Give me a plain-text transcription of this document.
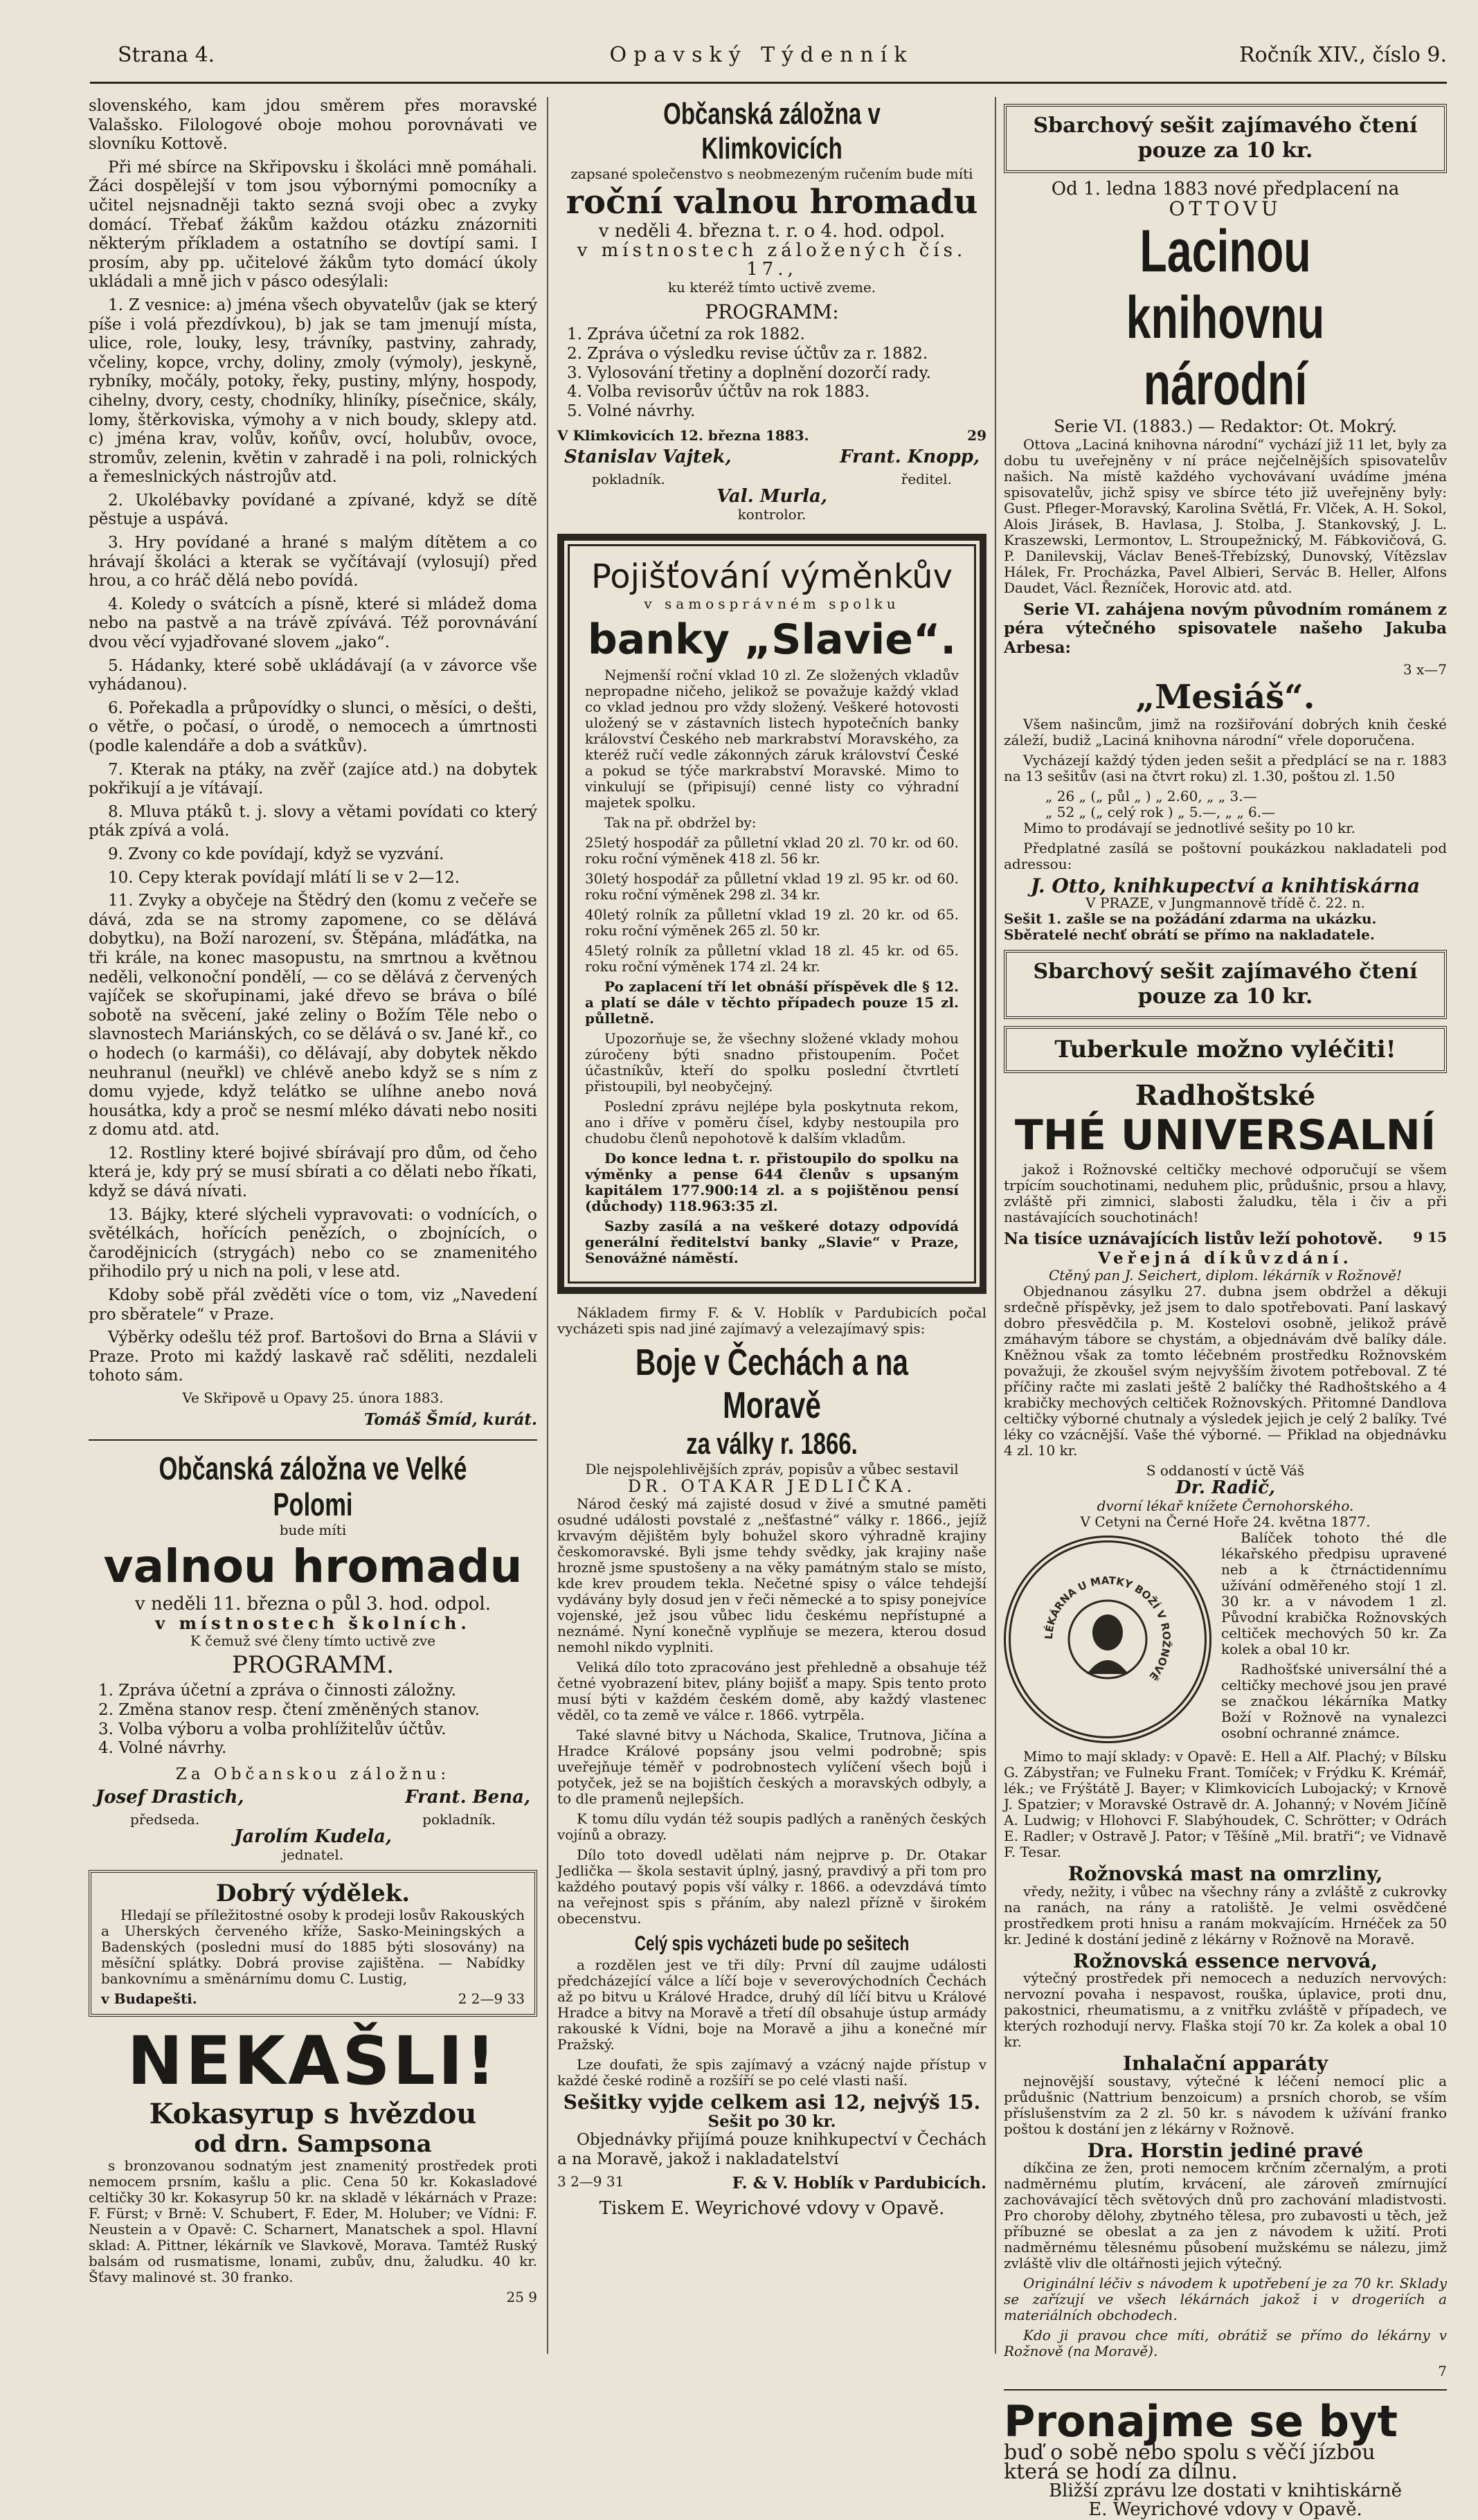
Strana 4.	Opavský Týdenník	Ročník XIV., číslo 9.

slovenského, kam jdou směrem přes moravské Valašsko. Filologové oboje mohou porovnávati ve slovníku Kottově.

Při mé sbírce na Skřipovsku i školáci mně pomáhali. Žáci dospělejší v tom jsou výbornými pomocníky a učitel nejsnadněji takto sezná svoji obec a zvyky domácí. Třebať žákům každou otázku znázorniti některým příkladem a ostatního se dovtípí sami. I prosím, aby pp. učitelové žákům tyto domácí úkoly ukládali a mně jich v pásco odesýlali:

1. Z vesnice: a) jména všech obyvatelův (jak se který píše i volá přezdívkou), b) jak se tam jmenují místa, ulice, role, louky, lesy, trávníky, pastviny, zahrady, včeliny, kopce, vrchy, doliny, zmoly (výmoly), jeskyně, rybníky, močály, potoky, řeky, pustiny, mlýny, hospody, cihelny, dvory, cesty, chodníky, hliníky, písečnice, skály, lomy, štěrkoviska, výmohy a v nich boudy, sklepy atd. c) jména krav, volův, koňův, ovcí, holubův, ovoce, stromův, zelenin, květin v zahradě i na poli, rolnických a řemeslnických nástrojův atd.

2. Ukolébavky povídané a zpívané, když se dítě pěstuje a uspává.

3. Hry povídané a hrané s malým dítětem a co hrávají školáci a kterak se vyčítávají (vylosují) před hrou, a co hráč dělá nebo povídá.

4. Koledy o svátcích a písně, které si mládež doma nebo na pastvě a na trávě zpívává. Též porovnávání dvou věcí vyjadřované slovem „jako“.

5. Hádanky, které sobě ukládávají (a v závorce vše vyhádanou).

6. Pořekadla a průpovídky o slunci, o měsíci, o dešti, o větře, o počasí, o úrodě, o nemocech a úmrtnosti (podle kalendáře a dob a svátkův).

7. Kterak na ptáky, na zvěř (zajíce atd.) na dobytek pokřikují a je vítávají.

8. Mluva ptáků t. j. slovy a větami povídati co který pták zpívá a volá.

9. Zvony co kde povídají, když se vyzvání.

10. Cepy kterak povídají mlátí li se v 2—12.

11. Zvyky a obyčeje na Štědrý den (komu z večeře se dává, zda se na stromy zapomene, co se dělává dobytku), na Boží narození, sv. Štěpána, mláďátka, na tři krále, na konec masopustu, na smrtnou a květnou neděli, velkonoční pondělí, — co se dělává z červených vajíček se skořupinami, jaké dřevo se bráva o bílé sobotě na svěcení, jaké zeliny o Božím Těle nebo o slavnostech Mariánských, co se dělává o sv. Jané kř., co o hodech (o karmáši), co dělávají, aby dobytek někdo neuhranul (neuřkl) ve chlévě anebo když se s ním z domu vyjede, když telátko se ulíhne anebo nová housátka, kdy a proč se nesmí mléko dávati nebo nositi z domu atd. atd.

12. Rostliny které bojivé sbírávají pro dům, od čeho která je, kdy prý se musí sbírati a co dělati nebo říkati, když se dává nívati.

13. Bájky, které slýcheli vypravovati: o vodnících, o světélkách, hořících penězích, o zbojnících, o čarodějnicích (strygách) nebo co se znamenitého přihodilo prý u nich na poli, v lese atd.

Kdoby sobě přál zvěděti více o tom, viz „Navedení pro sběratele“ v Praze.

Výběrky odešlu též prof. Bartošovi do Brna a Slávii v Praze. Proto mi každý laskavě rač sděliti, nezdaleli tohoto sám.

Ve Skřipově u Opavy 25. února 1883.

Tomáš Šmíd, kurát.

Občanská záložna ve Velké Polomi
bude míti
valnou hromadu
v neděli 11. března o půl 3. hod. odpol.
v místnostech školních.
K čemuž své členy tímto uctivě zve
PROGRAMM.
1. Zpráva účetní a zpráva o činnosti záložny.
2. Změna stanov resp. čtení změněných stanov.
3. Volba výboru a volba prohlížitelův účtův.
4. Volné návrhy.
Za Občanskou záložnu:
Josef Drastich,	Frant. Bena,
předseda.	pokladník.
Jarolím Kudela,
jednatel.
Dobrý výdělek.

Hledají se příležitostné osoby k prodeji losův Rakouských a Uherských červeného kříže, Sasko-Meiningských a Badenských (posledni musí do 1885 býti slosovány) na měsíční splátky. Dobrá provise zajištěna. — Nabídky bankovnímu a směnárnímu domu C. Lustig,

v Budapešti.	2 2—9 33
NEKAŠLI!
Kokasyrup s hvězdou
od drn. Sampsona

s bronzovanou sodnatým jest znamenitý prostředek proti nemocem prsním, kašlu a plic. Cena 50 kr. Kokasladové celtičky 30 kr. Kokasyrup 50 kr. na skladě v lékárnách v Praze: F. Fürst; v Brně: V. Schubert, F. Eder, M. Holuber; ve Vídni: F. Neustein a v Opavě: C. Scharnert, Manatschek a spol. Hlavní sklad: A. Pittner, lékárník ve Slavkově, Morava. Tamtéž Ruský balsám od rusmatisme, lonami, zubův, dnu, žaludku. 40 kr. Šťavy malinové st. 30 franko.

25 9
Občanská záložna v Klimkovicích
zapsané společenstvo s neobmezeným ručením bude míti
roční valnou hromadu
v neděli 4. března t. r. o 4. hod. odpol.
v místnostech záložených čís. 17.,
ku kteréž tímto uctivě zveme.
PROGRAMM:
1. Zpráva účetní za rok 1882.
2. Zpráva o výsledku revise účtův za r. 1882.
3. Vylosování třetiny a doplnění dozorčí rady.
4. Volba revisorův účtův na rok 1883.
5. Volné návrhy.
V Klimkovicích 12. března 1883.	29
Stanislav Vajtek,	Frant. Knopp,
pokladník.	ředitel.
Val. Murla,
kontrolor.
Pojišťování výměnkův
v samosprávném spolku
banky „Slavie“.

Nejmenší roční vklad 10 zl. Ze složených vkladův nepropadne ničeho, jelikož se považuje každý vklad co vklad jednou pro vždy složený. Veškeré hotovosti uložený se v zástavních listech hypotečních banky království Českého neb markrabství Moravského, za kteréž ručí vedle zákonných záruk království České a pokud se týče markrabství Moravské. Mimo to vinkulují se (připisují) cenné listy co výhradní majetek spolku.

Tak na př. obdržel by:

25letý hospodář za půlletní vklad 20 zl. 70 kr. od 60. roku roční výměnek 418 zl. 56 kr.

30letý hospodář za půlletní vklad 19 zl. 95 kr. od 60. roku roční výměnek 298 zl. 34 kr.

40letý rolník za půlletní vklad 19 zl. 20 kr. od 65. roku roční výměnek 265 zl. 50 kr.

45letý rolník za půlletní vklad 18 zl. 45 kr. od 65. roku roční výměnek 174 zl. 24 kr.

Po zaplacení tří let obnáší příspěvek dle § 12. a platí se dále v těchto případech pouze 15 zl. půlletně.

Upozorňuje se, že všechny složené vklady mohou zúročeny býti snadno přistoupením. Počet účastníkův, kteří do spolku poslední čtvrtletí přistoupili, byl neobyčejný.

Poslední zprávu nejlépe byla poskytnuta rekom, ano i dříve v poměru čísel, kdyby nestoupila pro chudobu členů nepohotově k dalším vkladům.

Do konce ledna t. r. přistoupilo do spolku na výměnky a pense 644 členův s upsaným kapitálem 177.900:14 zl. a s pojištěnou pensí (důchody) 118.963:35 zl.

Sazby zasílá a na veškeré dotazy odpovídá generální ředitelství banky „Slavie“ v Praze, Senovážné náměstí.

Nákladem firmy F. & V. Hoblík v Pardubicích počal vycházeti spis nad jiné zajímavý a velezajímavý spis:

Boje v Čechách a na Moravě
za války r. 1866.
Dle nejspolehlivějších zpráv, popisův a vůbec sestavil
DR. OTAKAR JEDLIČKA.

Národ český má zajisté dosud v živé a smutné paměti osudné události povstalé z „nešťastné“ války r. 1866., jejíž krvavým dějištěm byly bohužel skoro výhradně krajiny českomoravské. Byli jsme tehdy svědky, jak krajiny naše hrozně jsme spustošeny a na věky památným stalo se místo, kde krev proudem tekla. Nečetné spisy o válce tehdejší vydávány byly dosud jen v řeči německé a to spisy ponejvíce vojenské, jež jsou vůbec lidu českému nepřístupné a neznámé. Nyní konečně vyplňuje se mezera, kterou dosud nemohl nikdo vyplniti.

Veliká dílo toto zpracováno jest přehledně a obsahuje též četné vyobrazení bitev, plány bojišť a mapy. Spis tento proto musí býti v každém českém domě, aby každý vlastenec věděl, co ta země ve válce r. 1866. vytrpěla.

Také slavné bitvy u Náchoda, Skalice, Trutnova, Jičína a Hradce Králové popsány jsou velmi podrobně; spis uveřejňuje téměř v podrobnostech vylíčení všech bojů i potyček, jež se na bojištích českých a moravských odbyly, a to dle pramenů nejlepších.

K tomu dílu vydán též soupis padlých a raněných českých vojínů a obrazy.

Dílo toto dovedl udělati nám nejprve p. Dr. Otakar Jedlička — škola sestavit úplný, jasný, pravdivý a při tom pro každého poutavý popis vší války r. 1866. a odevzdává tímto na veřejnost spis s přáním, aby nalezl přízně v širokém obecenstvu.

Celý spis vycházeti bude po sešitech

a rozdělen jest ve tři díly: První díl zaujme události předcházející válce a líčí boje v severovýchodních Čechách až po bitvu u Králové Hradce, druhý díl líčí bitvu u Králové Hradce a bitvy na Moravě a třetí díl obsahuje ústup armády rakouské k Vídni, boje na Moravě a jihu a konečné mír Pražský.

Lze doufati, že spis zajímavý a vzácný najde přístup v každé české rodině a rozšíří se po celé vlasti naší.

Sešitky vyjde celkem asi 12, nejvýš 15.
Sešit po 30 kr.

Objednávky přijímá pouze knihkupectví v Čechách a na Moravě, jakož i nakladatelství

3 2—9 31	F. & V. Hoblík v Pardubicích.
Tiskem E. Weyrichové vdovy v Opavě.
Sbarchový sešit zajímavého čtení pouze za 10 kr.
Od 1. ledna 1883 nové předplacení na
OTTOVU
Lacinou knihovnu národní
Serie VI. (1883.) — Redaktor: Ot. Mokrý.

Ottova „Laciná knihovna národní“ vychází již 11 let, byly za dobu tu uveřejněny v ní práce nejčelnějších spisovatelův našich. Na místě každého vychovávaní uvádíme jména spisovatelův, jichž spisy ve sbírce této již uveřejněny byly: Gust. Pfleger-Moravský, Karolina Světlá, Fr. Vlček, A. H. Sokol, Alois Jirásek, B. Havlasa, J. Stolba, J. Stankovský, J. L. Kraszewski, Lermontov, L. Stroupežnický, M. Fábkovičová, G. P. Danilevskij, Václav Beneš-Třebízský, Dunovský, Vítězslav Hálek, Fr. Procházka, Pavel Albieri, Servác B. Heller, Alfons Daudet, Václ. Řezníček, Horovic atd. atd.

Serie VI. zahájena novým původním románem z péra výtečného spisovatele našeho Jakuba Arbesa:

3 x—7
„Mesiáš“.

Všem našincům, jimž na rozšiřování dobrých knih české záleží, budiž „Laciná knihovna národní“ vřele doporučena.

Vycházejí každý týden jeden sešit a předplácí se na r. 1883 na 13 sešitův (asi na čtvrt roku) zl. 1.30, poštou zl. 1.50

„ 26 „ („ půl „ ) „ 2.60, „ „ 3.—
„ 52 „ („ celý rok ) „ 5.—, „ „ 6.—

Mimo to prodávají se jednotlivé sešity po 10 kr.

Předplatné zasílá se poštovní poukázkou nakladateli pod adressou:

J. Otto, knihkupectví a knihtiskárna
V PRAZE, v Jungmannově třídě č. 22. n.
Sešit 1. zašle se na požádání zdarma na ukázku.
Sběratelé nechť obrátí se přímo na nakladatele.
Sbarchový sešit zajímavého čtení pouze za 10 kr.
Tuberkule možno vyléčiti!
Radhoštské
THÉ UNIVERSALNÍ

jakož i Rožnovské celtičky mechové odporučují se všem trpícím souchotinami, neduhem plic, průdušnic, prsou a hlavy, zvláště při zimnici, slabosti žaludku, těla i čiv a při nastávajících souchotinách!

Na tisíce uznávajících listův leží pohotově. 9 15
Veřejná díkůvzdání.
Ctěný pan J. Seichert, diplom. lékárník v Rožnově!

Objednanou zásylku 27. dubna jsem obdržel a děkuji srdečně příspěvky, jež jsem to dalo spotřebovati. Paní laskavý dobro přesvědčila p. M. Kostelovi osobně, jelikož právě zmáhavým tábore se chystám, a objednávám dvě balíky dále. Kněžnou však za tomto léčebném prostředku Rožnovském považuji, že zkoušel svým nejvyšším životem potřeboval. Z té příčiny račte mi zaslati ještě 2 balíčky thé Radhoštského a 4 krabičky mechových celtiček Rožnovských. Přitomné Dandlova celtičky výborné chutnaly a výsledek jejich je celý 2 balíky. Tvé léky co vzácnější. Vaše thé výborné. — Přiklad na objednávku 4 zl. 10 kr.

S oddaností v úctě Váš
Dr. Radič,
dvorní lékař knížete Černohorského.
V Cetyni na Černé Hoře 24. května 1877.
LÉKÁRNA U MATKY BOŽÍ V ROŽNOVĚ

Balíček tohoto thé dle lékařského předpisu upravené neb a k čtrnáctidennímu užívání odměřeného stojí 1 zl. 30 kr. a v návodem 1 zl. Původní krabička Rožnovských celtiček mechových 50 kr. Za kolek a obal 10 kr.

Radhošťské universální thé a celtičky mechové jsou jen pravé se značkou lékárníka Matky Boží v Rožnově na vynalezci osobní ochranné známce.

Mimo to mají sklady: v Opavě: E. Hell a Alf. Plachý; v Bílsku G. Zábystřan; ve Fulneku Frant. Tomíček; v Frýdku K. Krémář, lék.; ve Frýštátě J. Bayer; v Klimkovicích Lubojacký; v Krnově J. Spatzier; v Moravské Ostravě dr. A. Johanný; v Novém Jičíně A. Ludwig; v Hlohovci F. Slabýhoudek, C. Schrötter; v Odrách E. Radler; v Ostravě J. Pator; v Těšíně „Mil. bratři“; ve Vidnavě F. Tesar.

Rožnovská mast na omrzliny,

vředy, nežity, i vůbec na všechny rány a zvláště z cukrovky na ranách, na rány a ratoliště. Je velmi osvědčené prostředkem proti hnisu a ranám mokvajícím. Hrnéček za 50 kr. Jediné k dostání jedině z lékárny v Rožnově na Moravě.

Rožnovská essence nervová,

výtečný prostředek při nemocech a neduzích nervových: nervozní povaha i nespavost, rouška, úplavice, proti dnu, pakostnici, rheumatismu, a z vnitřku zvláště v případech, ve kterých rozhodují nervy. Flaška stojí 70 kr. Za kolek a obal 10 kr.

Inhalační apparáty

nejnovější soustavy, výtečné k léčení nemocí plic a průdušnic (Nattrium benzoicum) a prsních chorob, se vším příslušenstvím za 2 zl. 50 kr. s návodem k užívání franko poštou k dostání jen z lékárny v Rožnově.

Dra. Horstin jediné pravé

díkčina ze žen, proti nemocem krčním zčernalým, a proti nadměrnému plutím, krvácení, ale zároveň zmírnující zachovávající těch světových dnů pro zachování mladistvosti. Pro choroby dělohy, zbytného tělesa, pro zubavosti u těch, jež příbuzné se obeslat a za jen z návodem k užití. Proti nadměrnému tělesnému působení mužskému se nálezu, jimž zvláště vliv dle oltářnosti jejich výtečný.

Originální léčiv s návodem k upotřebení je za 70 kr. Sklady se zařízují ve všech lékárnách jakož i v drogeriích a materiálních obchodech.

Kdo ji pravou chce míti, obrátiž se přímo do lékárny v Rožnově (na Moravě).

7
Pronajme se byt
buď o sobě nebo spolu s věčí jízbou
která se hodí za dílnu.
Bližší zprávu lze dostati v knihtiskárně
E. Weyrichové vdovy v Opavě.
